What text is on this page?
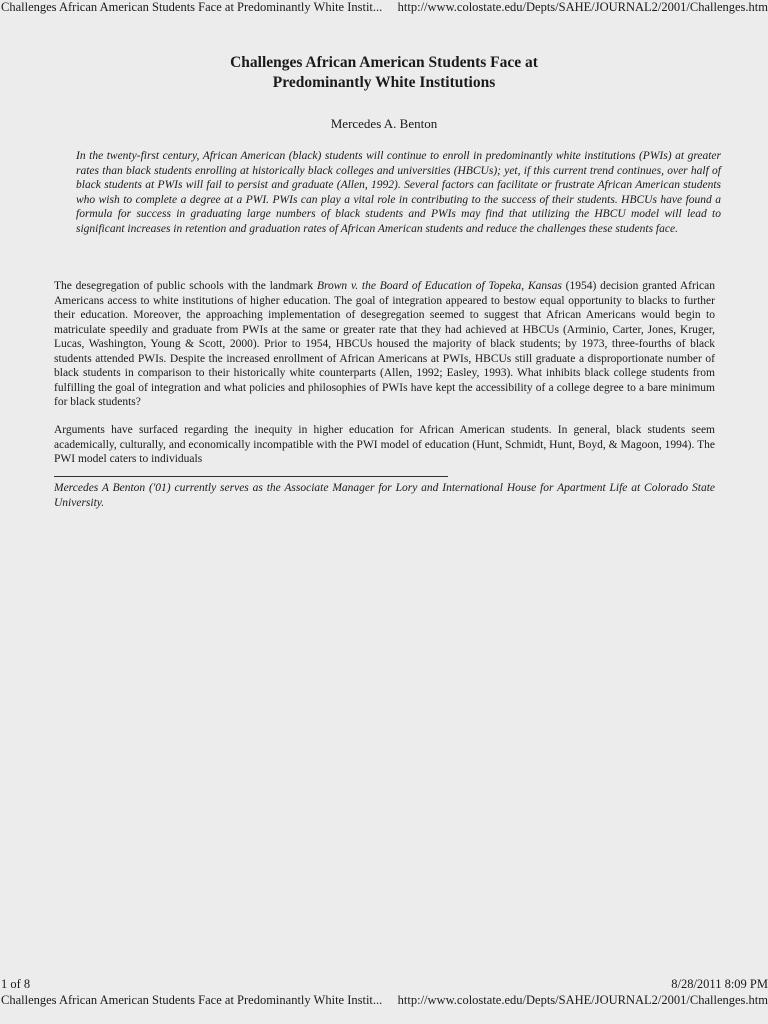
Challenges African American Students Face at Predominantly White Instit... http://www.colostate.edu/Depts/SAHE/JOURNAL2/2001/Challenges.htm
Challenges African American Students Face at
Predominantly White Institutions
Mercedes A. Benton

In the twenty-first century, African American (black) students will continue to enroll in predominantly white institutions (PWIs) at greater rates than black students enrolling at historically black colleges and universities (HBCUs); yet, if this current trend continues, over half of black students at PWIs will fail to persist and graduate (Allen, 1992). Several factors can facilitate or frustrate African American students who wish to complete a degree at a PWI. PWIs can play a vital role in contributing to the success of their students. HBCUs have found a formula for success in graduating large numbers of black students and PWIs may find that utilizing the HBCU model will lead to significant increases in retention and graduation rates of African American students and reduce the challenges these students face.

The desegregation of public schools with the landmark Brown v. the Board of Education of Topeka, Kansas (1954) decision granted African Americans access to white institutions of higher education. The goal of integration appeared to bestow equal opportunity to blacks to further their education. Moreover, the approaching implementation of desegregation seemed to suggest that African Americans would begin to matriculate speedily and graduate from PWIs at the same or greater rate that they had achieved at HBCUs (Arminio, Carter, Jones, Kruger, Lucas, Washington, Young & Scott, 2000). Prior to 1954, HBCUs housed the majority of black students; by 1973, three-fourths of black students attended PWIs. Despite the increased enrollment of African Americans at PWIs, HBCUs still graduate a disproportionate number of black students in comparison to their historically white counterparts (Allen, 1992; Easley, 1993). What inhibits black college students from fulfilling the goal of integration and what policies and philosophies of PWIs have kept the accessibility of a college degree to a bare minimum for black students?

Arguments have surfaced regarding the inequity in higher education for African American students. In general, black students seem academically, culturally, and economically incompatible with the PWI model of education (Hunt, Schmidt, Hunt, Boyd, & Magoon, 1994). The PWI model caters to individuals

Mercedes A Benton ('01) currently serves as the Associate Manager for Lory and International House for Apartment Life at Colorado State University.

1 of 8	8/28/2011 8:09 PM
Challenges African American Students Face at Predominantly White Instit... http://www.colostate.edu/Depts/SAHE/JOURNAL2/2001/Challenges.htm
